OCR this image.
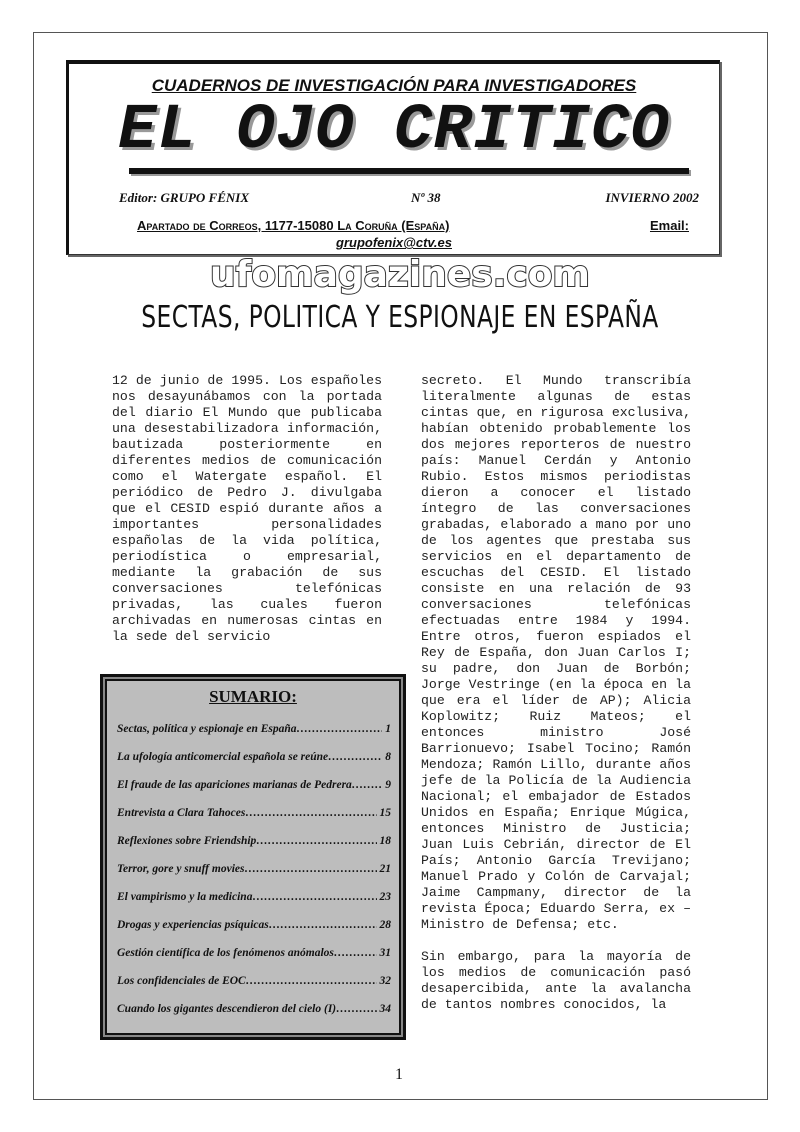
CUADERNOS DE INVESTIGACIÓN PARA INVESTIGADORES
EL OJO CRITICO
Editor: GRUPO FÉNIX	Nº 38	INVIERNO 2002
Apartado de Correos, 1177-15080 La Coruña (España)	Email:
grupofenix@ctv.es
ufomagazines.com
SECTAS, POLITICA Y ESPIONAJE EN ESPAÑA

12 de junio de 1995. Los españoles nos desayunábamos con la portada del diario El Mundo que publicaba una desestabilizadora información, bautizada posteriormente en diferentes medios de comunicación como el Watergate español. El periódico de Pedro J. divulgaba que el CESID espió durante años a importantes personalidades españolas de la vida política, periodística o empresarial, mediante la grabación de sus conversaciones telefónicas privadas, las cuales fueron archivadas en numerosas cintas en la sede del servicio

secreto. El Mundo transcribía literalmente algunas de estas cintas que, en rigurosa exclusiva, habían obtenido probablemente los dos mejores reporteros de nuestro país: Manuel Cerdán y Antonio Rubio. Estos mismos periodistas dieron a conocer el listado íntegro de las conversaciones grabadas, elaborado a mano por uno de los agentes que prestaba sus servicios en el departamento de escuchas del CESID. El listado consiste en una relación de 93 conversaciones telefónicas efectuadas entre 1984 y 1994. Entre otros, fueron espiados el Rey de España, don Juan Carlos I; su padre, don Juan de Borbón; Jorge Vestringe (en la época en la que era el líder de AP); Alicia Koplowitz; Ruiz Mateos; el entonces ministro José Barrionuevo; Isabel Tocino; Ramón Mendoza; Ramón Lillo, durante años jefe de la Policía de la Audiencia Nacional; el embajador de Estados Unidos en España; Enrique Múgica, entonces Ministro de Justicia; Juan Luis Cebrián, director de El País; Antonio García Trevijano; Manuel Prado y Colón de Carvajal; Jaime Campmany, director de la revista Época; Eduardo Serra, ex – Ministro de Defensa; etc.

Sin embargo, para la mayoría de los medios de comunicación pasó desapercibida, ante la avalancha de tantos nombres conocidos, la

SUMARIO:
Sectas, política y espionaje en España ……………………………………………………	1
La ufología anticomercial española se reúne ……………………………………………………	8
El fraude de las apariciones marianas de Pedrera ……………………………………………………	9
Entrevista a Clara Tahoces ……………………………………………………	15
Reflexiones sobre Friendship ……………………………………………………	18
Terror, gore y snuff movies ……………………………………………………	21
El vampirismo y la medicina ……………………………………………………	23
Drogas y experiencias psíquicas ……………………………………………………	28
Gestión científica de los fenómenos anómalos ……………………………………………………	31
Los confidenciales de EOC ……………………………………………………	32
Cuando los gigantes descendieron del cielo (I) ……………………………………………………	34
1
